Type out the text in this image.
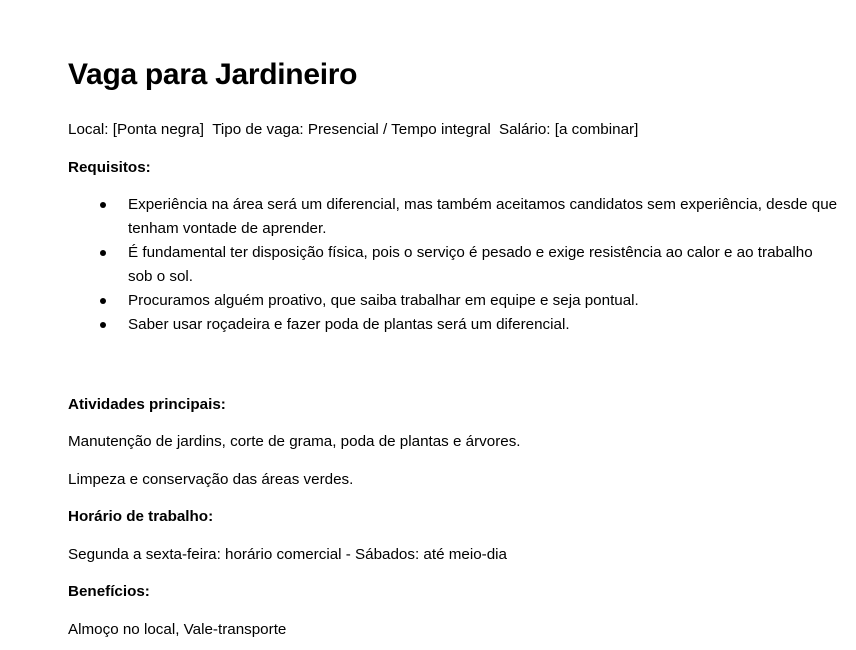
Vaga para Jardineiro

Local: [Ponta negra] Tipo de vaga: Presencial / Tempo integral Salário: [a combinar]

Requisitos:

Experiência na área será um diferencial, mas também aceitamos candidatos sem experiência, desde que tenham vontade de aprender.
É fundamental ter disposição física, pois o serviço é pesado e exige resistência ao calor e ao trabalho sob o sol.
Procuramos alguém proativo, que saiba trabalhar em equipe e seja pontual.
Saber usar roçadeira e fazer poda de plantas será um diferencial.

Atividades principais:

Manutenção de jardins, corte de grama, poda de plantas e árvores.

Limpeza e conservação das áreas verdes.

Horário de trabalho:

Segunda a sexta-feira: horário comercial - Sábados: até meio-dia

Benefícios:

Almoço no local, Vale-transporte
